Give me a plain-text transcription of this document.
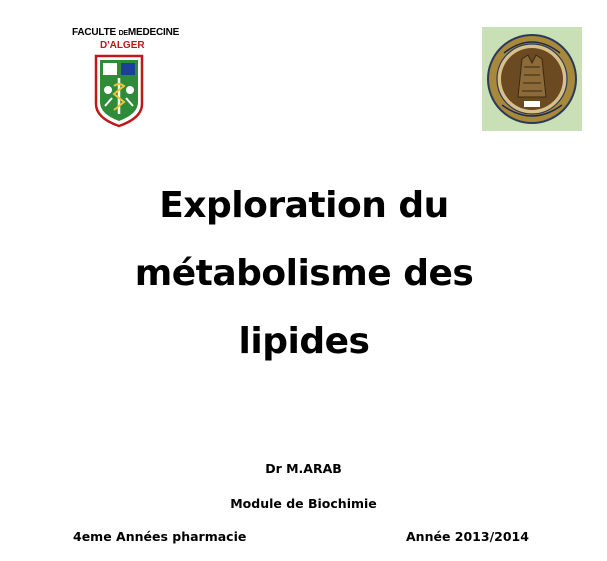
FACULTE DEMEDECINE
D'ALGER
Exploration du
métabolisme des
lipides
Dr M.ARAB
Module de Biochimie
4eme Années pharmacie	Année 2013/2014
